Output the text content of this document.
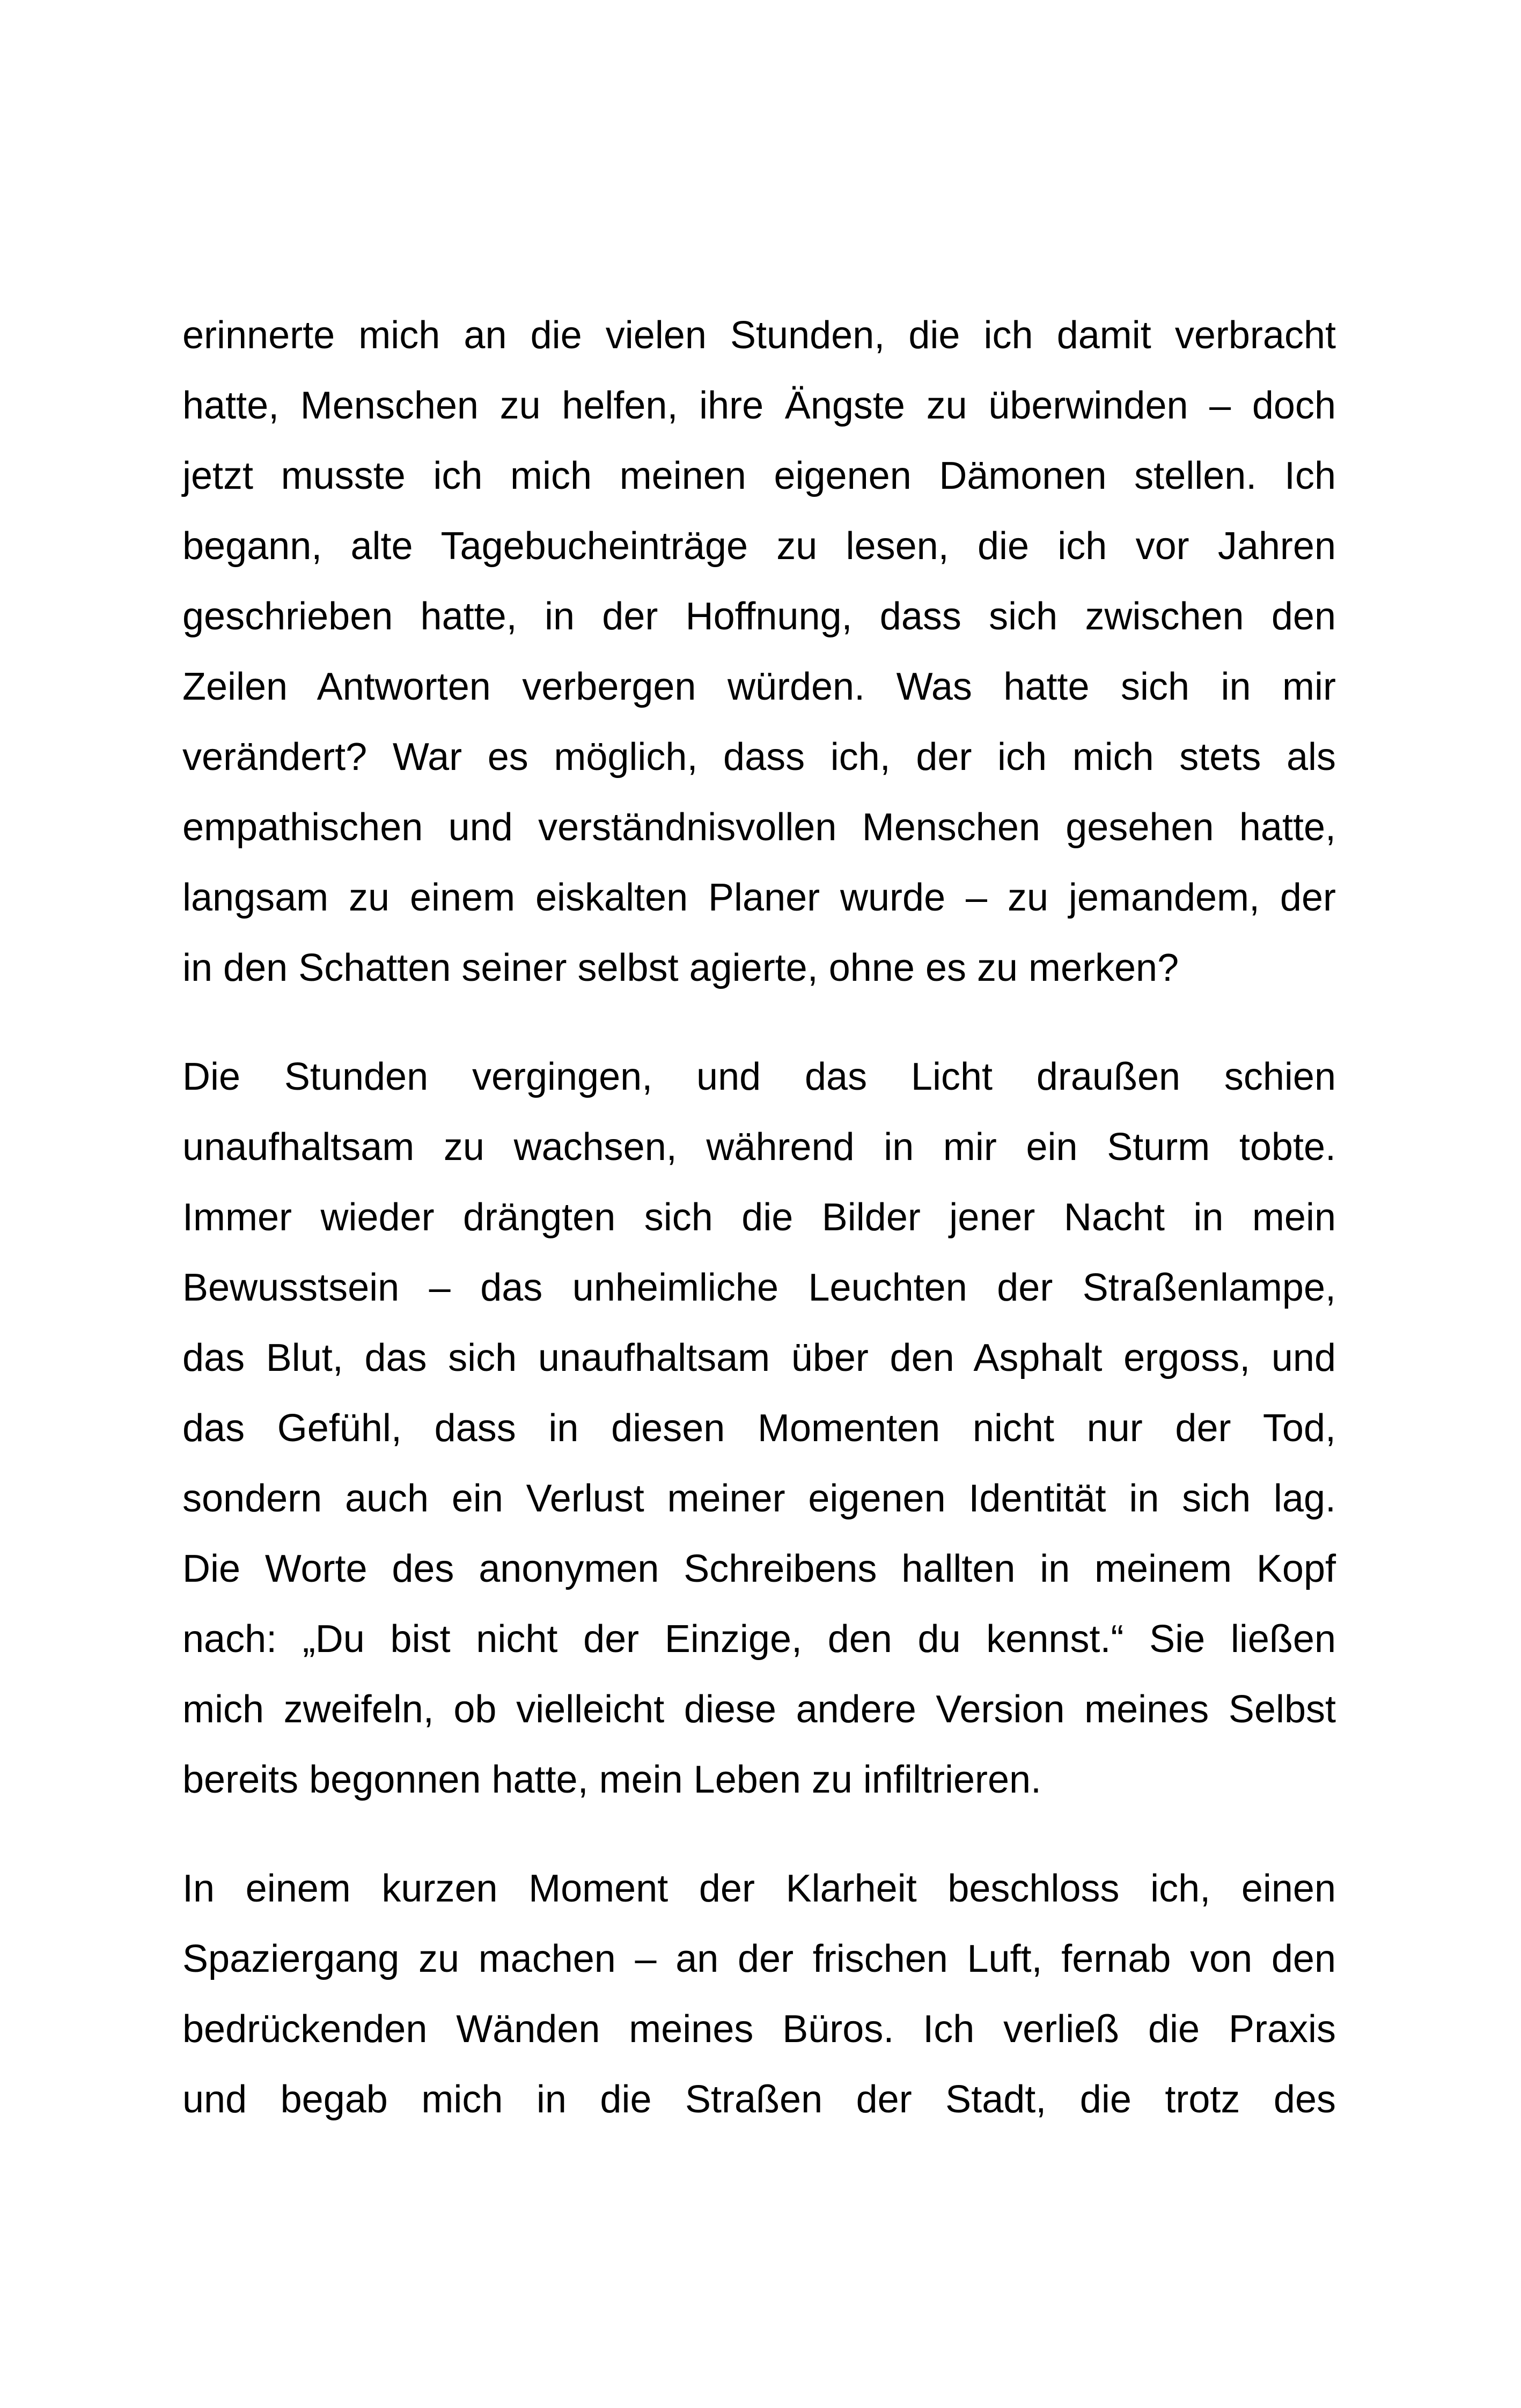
erinnerte mich an die vielen Stunden, die ich damit verbracht
hatte, Menschen zu helfen, ihre Ängste zu überwinden – doch
jetzt musste ich mich meinen eigenen Dämonen stellen. Ich
begann, alte Tagebucheinträge zu lesen, die ich vor Jahren
geschrieben hatte, in der Hoffnung, dass sich zwischen den
Zeilen Antworten verbergen würden. Was hatte sich in mir
verändert? War es möglich, dass ich, der ich mich stets als
empathischen und verständnisvollen Menschen gesehen hatte,
langsam zu einem eiskalten Planer wurde – zu jemandem, der
in den Schatten seiner selbst agierte, ohne es zu merken?
Die Stunden vergingen, und das Licht draußen schien
unaufhaltsam zu wachsen, während in mir ein Sturm tobte.
Immer wieder drängten sich die Bilder jener Nacht in mein
Bewusstsein – das unheimliche Leuchten der Straßenlampe,
das Blut, das sich unaufhaltsam über den Asphalt ergoss, und
das Gefühl, dass in diesen Momenten nicht nur der Tod,
sondern auch ein Verlust meiner eigenen Identität in sich lag.
Die Worte des anonymen Schreibens hallten in meinem Kopf
nach: „Du bist nicht der Einzige, den du kennst.“ Sie ließen
mich zweifeln, ob vielleicht diese andere Version meines Selbst
bereits begonnen hatte, mein Leben zu infiltrieren.
In einem kurzen Moment der Klarheit beschloss ich, einen
Spaziergang zu machen – an der frischen Luft, fernab von den
bedrückenden Wänden meines Büros. Ich verließ die Praxis
und begab mich in die Straßen der Stadt, die trotz des
